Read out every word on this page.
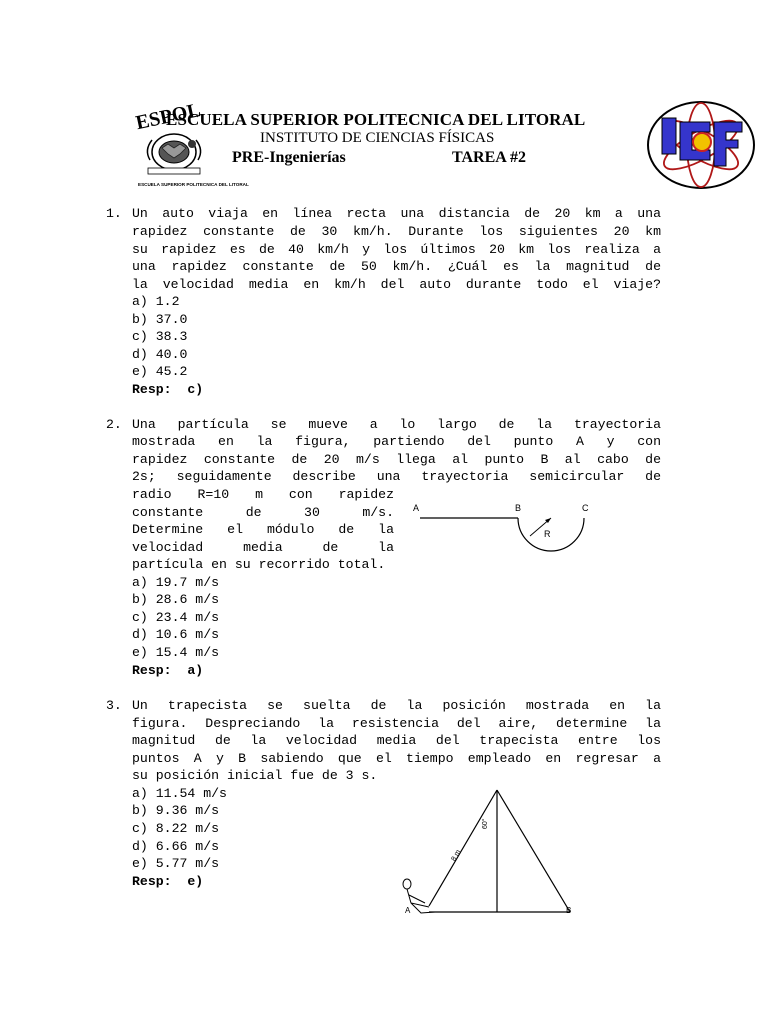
ESPOL
ESCUELA SUPERIOR POLITECNICA DEL LITORAL	ICF
ESCUELA SUPERIOR POLITECNICA DEL LITORAL
INSTITUTO DE CIENCIAS FÍSICAS
PRE-Ingenierías	TAREA #2
1. Un auto viaja en línea recta una distancia de 20 km a una
rapidez constante de 30 km/h. Durante los siguientes 20 km
su rapidez es de 40 km/h y los últimos 20 km los realiza a
una rapidez constante de 50 km/h. ¿Cuál es la magnitud de
la velocidad media en km/h del auto durante todo el viaje?
a) 1.2
b) 37.0
c) 38.3
d) 40.0
e) 45.2
Resp:  c)
2. Una partícula se mueve a lo largo de la trayectoria
mostrada en la figura, partiendo del punto A y con
rapidez constante de 20 m/s llega al punto B al cabo de
2s; seguidamente describe una trayectoria semicircular de
radio R=10 m con rapidez
constante de 30 m/s.
Determine el módulo de la
velocidad media de la
partícula en su recorrido total.
a) 19.7 m/s
b) 28.6 m/s
c) 23.4 m/s
d) 10.6 m/s
e) 15.4 m/s
Resp:  a)
A	B	C
R
3. Un trapecista se suelta de la posición mostrada en la
figura. Despreciando la resistencia del aire, determine la
magnitud de la velocidad media del trapecista entre los
puntos A y B sabiendo que el tiempo empleado en regresar a
su posición inicial fue de 3 s.
a) 11.54 m/s
b) 9.36 m/s
c) 8.22 m/s
d) 6.66 m/s
e) 5.77 m/s
Resp:  e)
60°
8 m
A	B
